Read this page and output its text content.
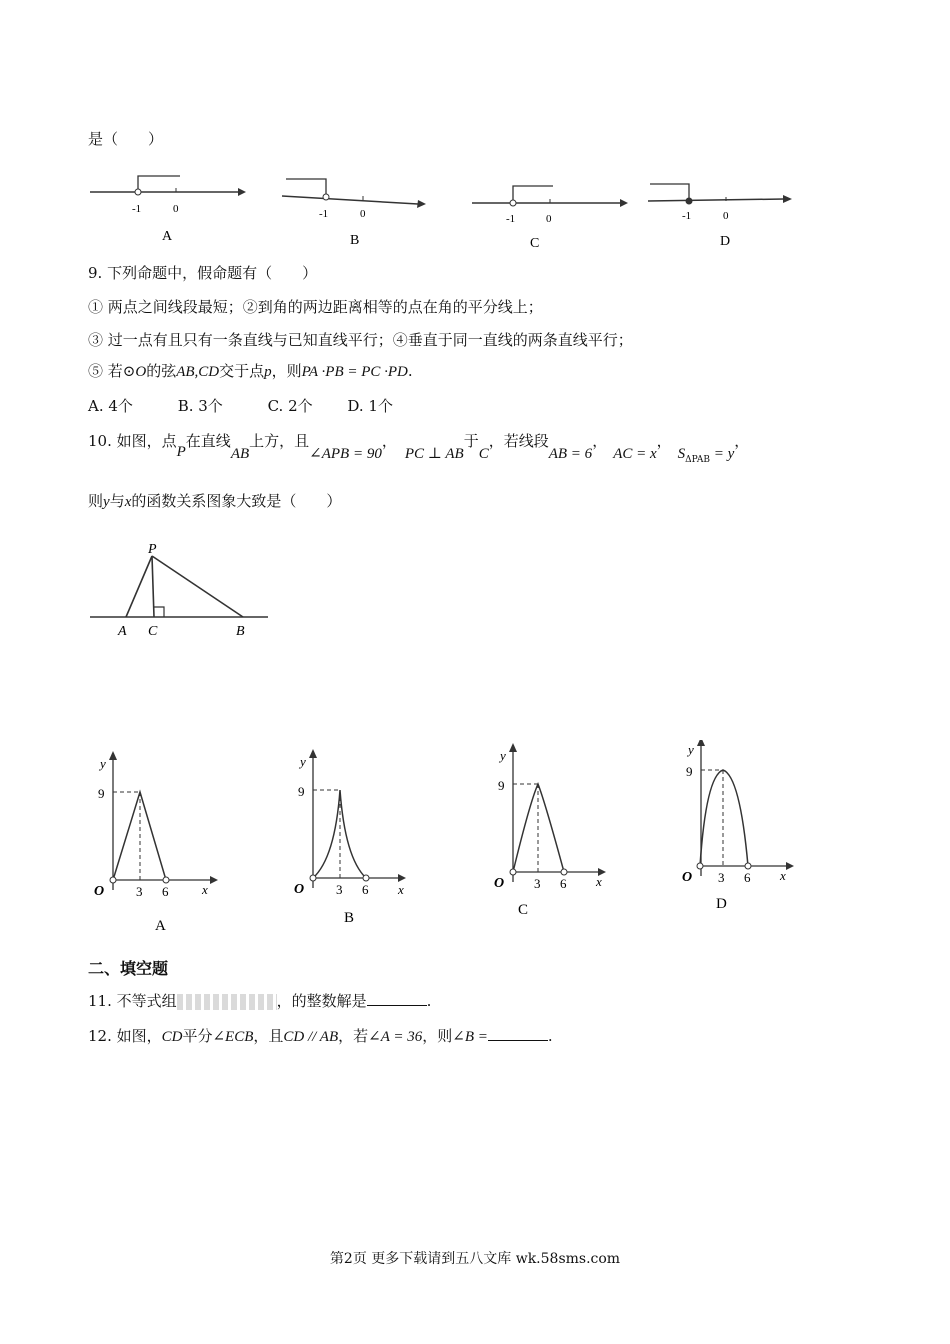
是（　　）
-1	0
A
-1	0
B
-1	0
C
-1	0
D
9. 下列命题中，假命题有（　　）
① 两点之间线段最短；②到角的两边距离相等的点在角的平分线上；
③ 过一点有且只有一条直线与已知直线平行；④垂直于同一直线的两条直线平行；
⑤ 若⊙O的弦AB,CD交于点p，则PA ·PB = PC ·PD.
A. 4个	B. 3个	C. 2个 D. 1个
10. 如图，点P在直线AB上方，且∠APB = 90，PC ⊥ AB于C，若线段AB = 6，AC = x，$S_{\Delta PAB} = y$，
则y与x的函数关系图象大致是（　　）
P
A C	B
y
9
O 3 6	x
A
y
9
O 3 6 x
B
y
9
O 3 6 x
C
y
9
O 3 6 x
D
二、填空题
11. 不等式组	，的整数解是	.
12. 如图，CD平分∠ECB，且CD // AB，若∠A = 36，则∠B =	.
第2页 更多下载请到五八文库 wk.58sms.com
